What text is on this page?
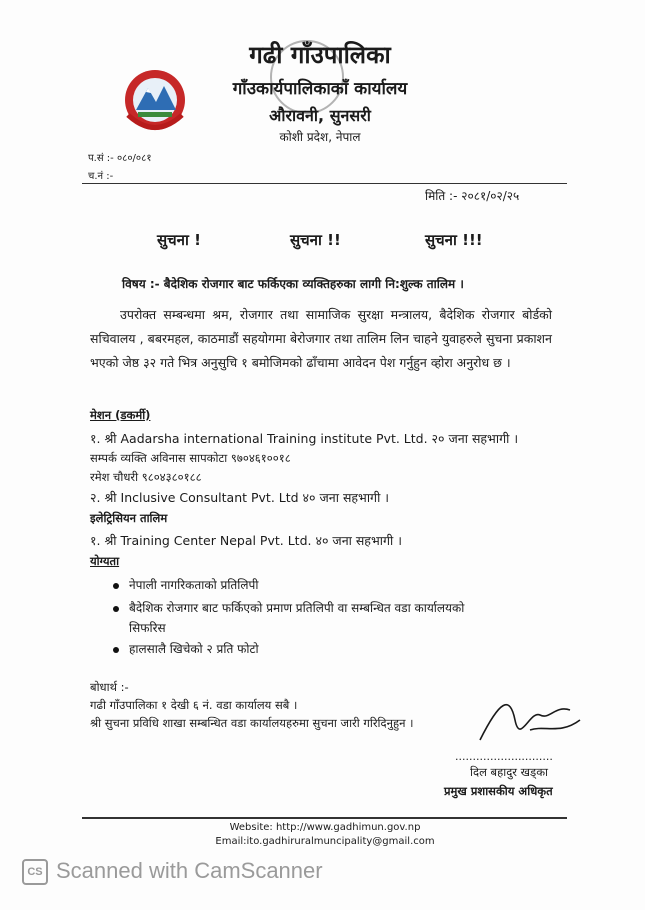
गढी गाँउपालिका
गाँउकार्यपालिकाकाँ कार्यालय
औरावनी, सुनसरी
कोशी प्रदेश, नेपाल
प.सं :- ०८०/०८१
च.नं :-
मिति :- २०८१/०२/२५
सुचना !	सुचना !!	सुचना !!!
विषय :- बैदेशिक रोजगार बाट फर्किएका व्यक्तिहरुका लागी नि:शुल्क तालिम ।
उपरोक्त सम्बन्धमा श्रम, रोजगार तथा सामाजिक सुरक्षा मन्त्रालय, बैदेशिक रोजगार बोर्डको सचिवालय , बबरमहल, काठमाडौं सहयोगमा बेरोजगार तथा तालिम लिन चाहने युवाहरुले सुचना प्रकाशन भएको जेष्ठ ३२ गते भित्र अनुसुचि १ बमोजिमको ढाँचामा आवेदन पेश गर्नुहुन व्होरा अनुरोध छ ।
मेशन (डकर्मी)
१. श्री Aadarsha international Training institute Pvt. Ltd. २० जना सहभागी ।
सम्पर्क व्यक्ति अविनास सापकोटा ९७०४६१००१८
रमेश चौधरी ९८०४३८०१८८
२. श्री Inclusive Consultant Pvt. Ltd ४० जना सहभागी ।
इलेट्रिसियन तालिम
१. श्री Training Center Nepal Pvt. Ltd. ४० जना सहभागी ।
योग्यता
नेपाली नागरिकताको प्रतिलिपी
बैदेशिक रोजगार बाट फर्किएको प्रमाण प्रतिलिपी वा सम्बन्धित वडा कार्यालयको
सिफरिस
हालसालै खिचेको २ प्रति फोटो
बोधार्थ :-
गढी गाँउपालिका १ देखी ६ नं. वडा कार्यालय सबै ।
श्री सुचना प्रविधि शाखा सम्बन्धित वडा कार्यालयहरुमा सुचना जारी गरिदिनुहुन ।
............................
दिल बहादुर खड्का
प्रमुख प्रशासकीय अधिकृत
Website: http://www.gadhimun.gov.np
Email:ito.gadhiruralmuncipality@gmail.com
CS Scanned with CamScanner
